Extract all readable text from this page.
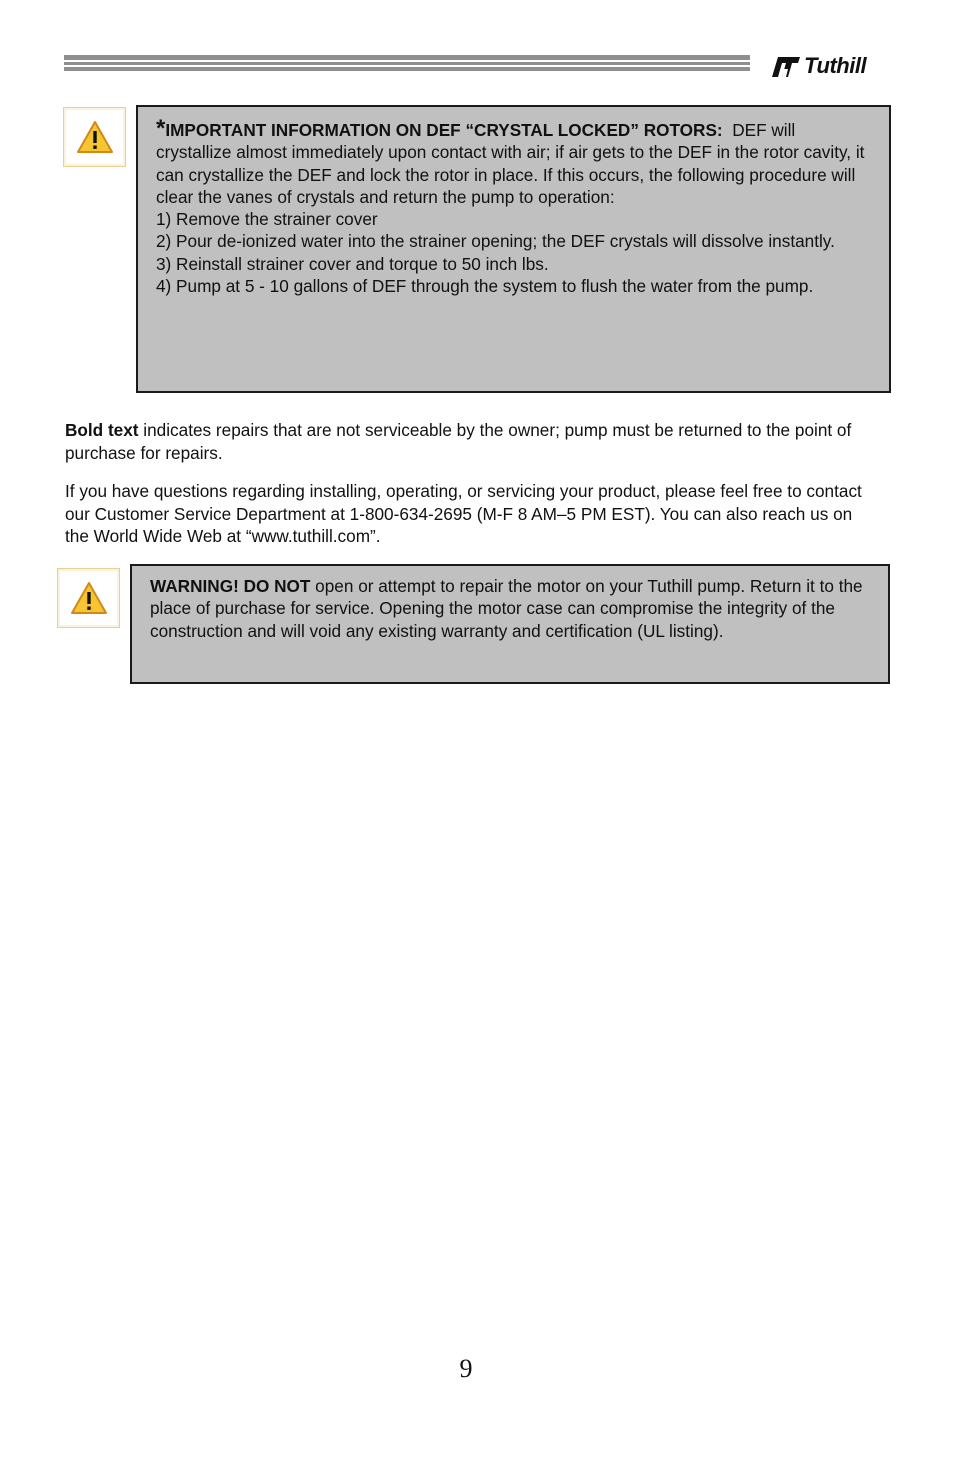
Tuthill

*IMPORTANT INFORMATION ON DEF “CRYSTAL LOCKED” ROTORS: DEF will crystallize almost immediately upon contact with air; if air gets to the DEF in the rotor cavity, it can crystallize the DEF and lock the rotor in place. If this occurs, the following procedure will clear the vanes of crystals and return the pump to operation:

1) Remove the strainer cover

2) Pour de-ionized water into the strainer opening; the DEF crystals will dissolve instantly.

3) Reinstall strainer cover and torque to 50 inch lbs.

4) Pump at 5 - 10 gallons of DEF through the system to flush the water from the pump.

Bold text indicates repairs that are not serviceable by the owner; pump must be returned to the point of purchase for repairs.

If you have questions regarding installing, operating, or servicing your product, please feel free to contact our Customer Service Department at 1-800-634-2695 (M-F 8 AM–5 PM EST). You can also reach us on the World Wide Web at “www.tuthill.com”.

WARNING! DO NOT open or attempt to repair the motor on your Tuthill pump. Return it to the place of purchase for service. Opening the motor case can compromise the integrity of the construction and will void any existing warranty and certification (UL listing).

9
